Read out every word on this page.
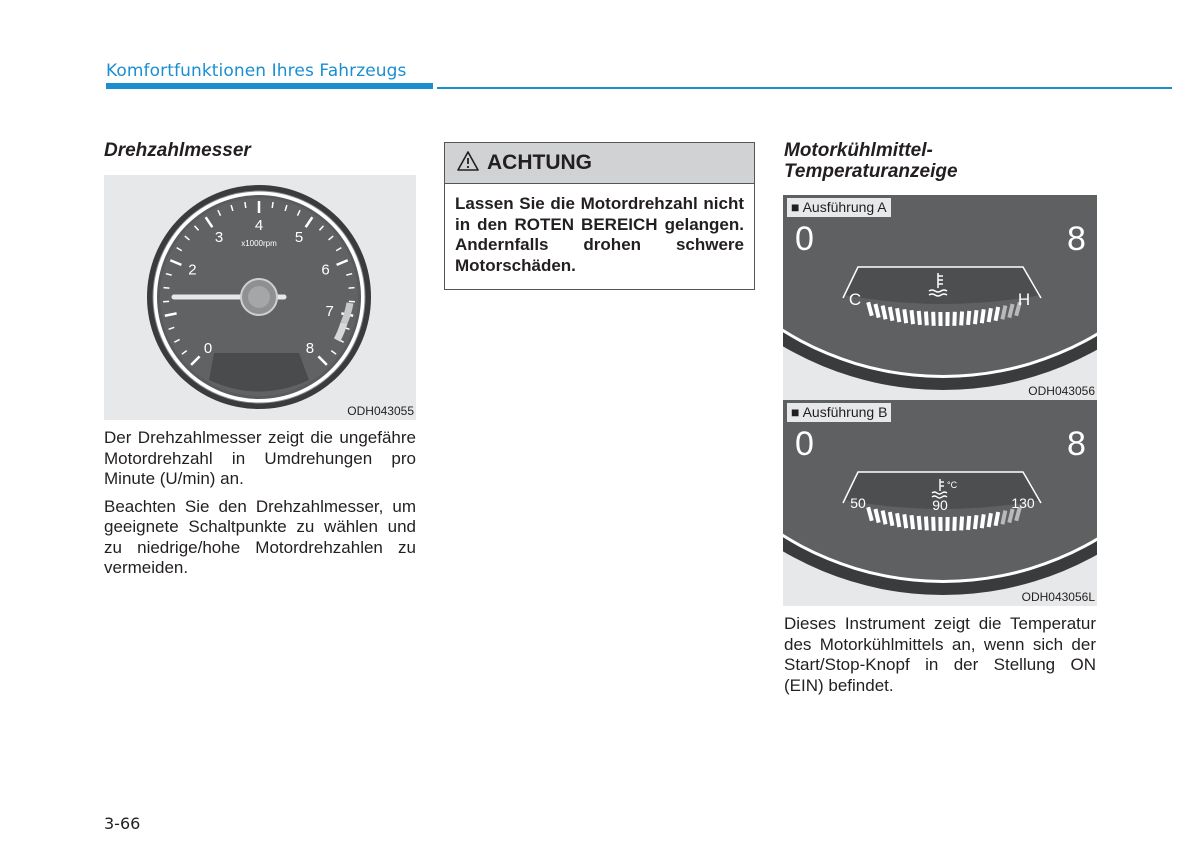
Komfortfunktionen Ihres Fahrzeugs
Drehzahlmesser
0
2
3
4
5
6
7
8
x1000rpm
ODH043055

Der Drehzahlmesser zeigt die ungefähre Motordrehzahl in Umdrehungen pro Minute (U/min) an.

Beachten Sie den Drehzahlmesser, um geeignete Schaltpunkte zu wählen und zu niedrige/hohe Motordrehzahlen zu vermeiden.

ACHTUNG
Lassen Sie die Motordrehzahl nicht in den ROTEN BEREICH gelangen. Andernfalls drohen schwere Motorschäden.
Motorkühlmittel-
Temperaturanzeige
0	8
C	H
■ Ausführung A
ODH043056
0	8
50	90	130
°C
■ Ausführung B
ODH043056L

Dieses Instrument zeigt die Temperatur des Motorkühlmittels an, wenn sich der Start/Stop-Knopf in der Stellung ON (EIN) befindet.

3-66
